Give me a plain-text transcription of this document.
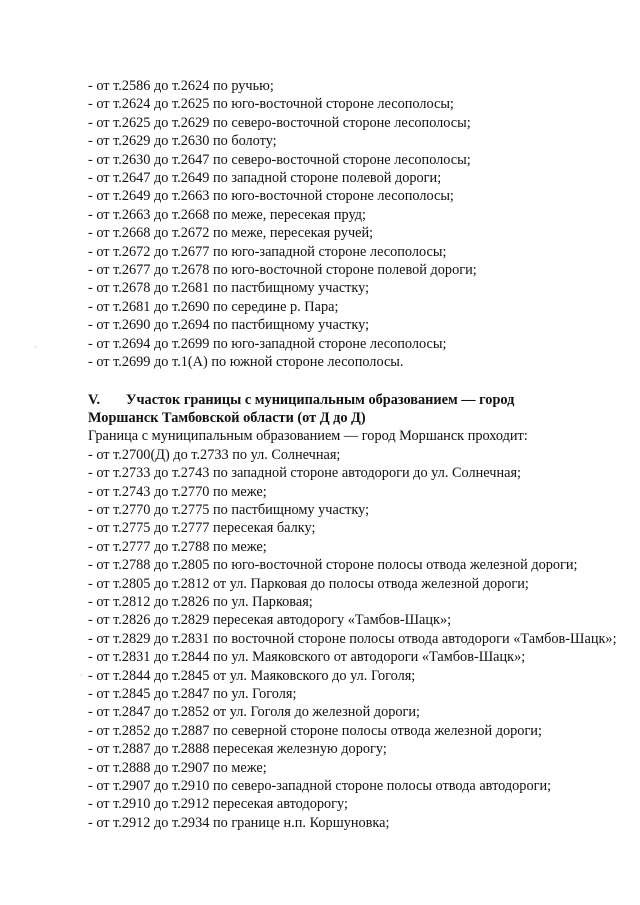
·
·
- от т.2586 до т.2624 по ручью;
- от т.2624 до т.2625 по юго-восточной стороне лесополосы;
- от т.2625 до т.2629 по северо-восточной стороне лесополосы;
- от т.2629 до т.2630 по болоту;
- от т.2630 до т.2647 по северо-восточной стороне лесополосы;
- от т.2647 до т.2649 по западной стороне полевой дороги;
- от т.2649 до т.2663 по юго-восточной стороне лесополосы;
- от т.2663 до т.2668 по меже, пересекая пруд;
- от т.2668 до т.2672 по меже, пересекая ручей;
- от т.2672 до т.2677 по юго-западной стороне лесополосы;
- от т.2677 до т.2678 по юго-восточной стороне полевой дороги;
- от т.2678 до т.2681 по пастбищному участку;
- от т.2681 до т.2690 по середине р. Пара;
- от т.2690 до т.2694 по пастбищному участку;
- от т.2694 до т.2699 по юго-западной стороне лесополосы;
- от т.2699 до т.1(А) по южной стороне лесополосы.

V. Участок границы с муниципальным образованием — город

Моршанск Тамбовской области (от Д до Д)

Граница с муниципальным образованием — город Моршанск проходит:

- от т.2700(Д) до т.2733 по ул. Солнечная;
- от т.2733 до т.2743 по западной стороне автодороги до ул. Солнечная;
- от т.2743 до т.2770 по меже;
- от т.2770 до т.2775 по пастбищному участку;
- от т.2775 до т.2777 пересекая балку;
- от т.2777 до т.2788 по меже;
- от т.2788 до т.2805 по юго-восточной стороне полосы отвода железной дороги;
- от т.2805 до т.2812 от ул. Парковая до полосы отвода железной дороги;
- от т.2812 до т.2826 по ул. Парковая;
- от т.2826 до т.2829 пересекая автодорогу «Тамбов-Шацк»;
- от т.2829 до т.2831 по восточной стороне полосы отвода автодороги «Тамбов-Шацк»;
- от т.2831 до т.2844 по ул. Маяковского от автодороги «Тамбов-Шацк»;
- от т.2844 до т.2845 от ул. Маяковского до ул. Гоголя;
- от т.2845 до т.2847 по ул. Гоголя;
- от т.2847 до т.2852 от ул. Гоголя до железной дороги;
- от т.2852 до т.2887 по северной стороне полосы отвода железной дороги;
- от т.2887 до т.2888 пересекая железную дорогу;
- от т.2888 до т.2907 по меже;
- от т.2907 до т.2910 по северо-западной стороне полосы отвода автодороги;
- от т.2910 до т.2912 пересекая автодорогу;
- от т.2912 до т.2934 по границе н.п. Коршуновка;
